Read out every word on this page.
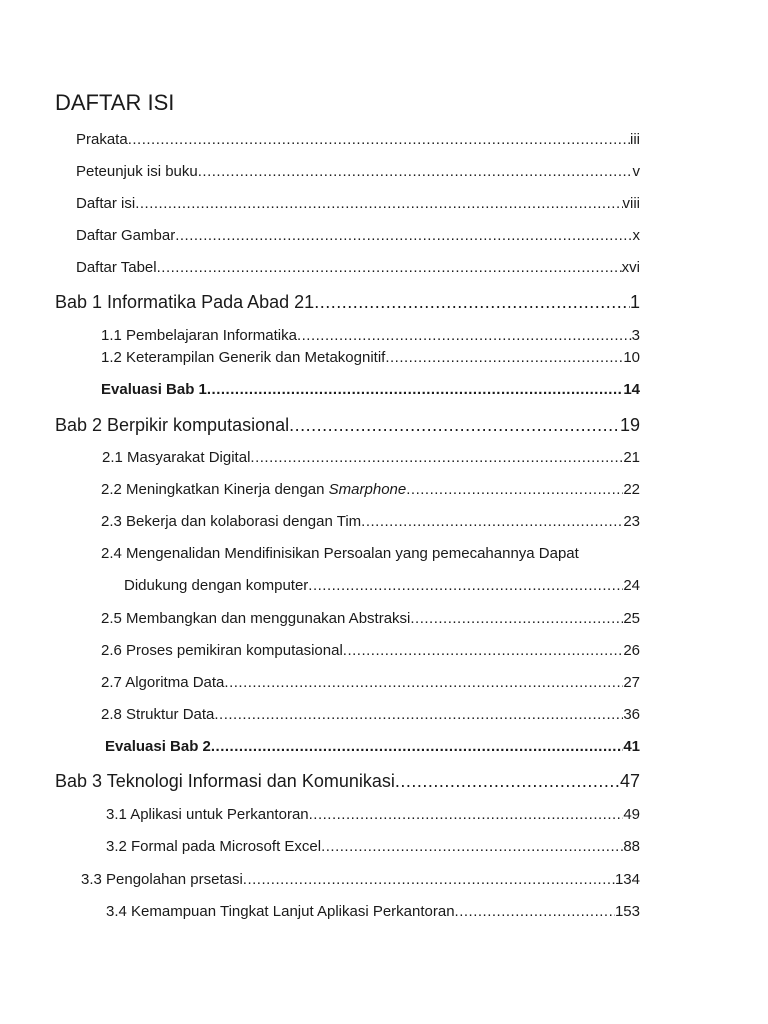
DAFTAR ISI
Prakata .....	iii
Peteunjuk isi buku .....	v
Daftar isi .....	viii
Daftar Gambar .....	x
Daftar Tabel .....	xvi
Bab 1 Informatika Pada Abad 21 .....	1
1.1 Pembelajaran Informatika .....	3
1.2 Keterampilan Generik dan Metakognitif .....	10
Evaluasi Bab 1 .....	14
Bab 2 Berpikir komputasional .....	19
2.1 Masyarakat Digital .....	21
2.2 Meningkatkan Kinerja dengan Smarphone .....	22
2.3 Bekerja dan kolaborasi dengan Tim .....	23
2.4 Mengenalidan Mendifinisikan Persoalan yang pemecahannya Dapat
Didukung dengan komputer .....	24
2.5 Membangkan dan menggunakan Abstraksi .....	25
2.6 Proses pemikiran komputasional .....	26
2.7 Algoritma Data .....	27
2.8 Struktur Data .....	36
Evaluasi Bab 2 .....	41
Bab 3 Teknologi Informasi dan Komunikasi .....	47
3.1 Aplikasi untuk Perkantoran .....	49
3.2 Formal pada Microsoft Excel .....	88
3.3 Pengolahan prsetasi .....	134
3.4 Kemampuan Tingkat Lanjut Aplikasi Perkantoran .....	153
